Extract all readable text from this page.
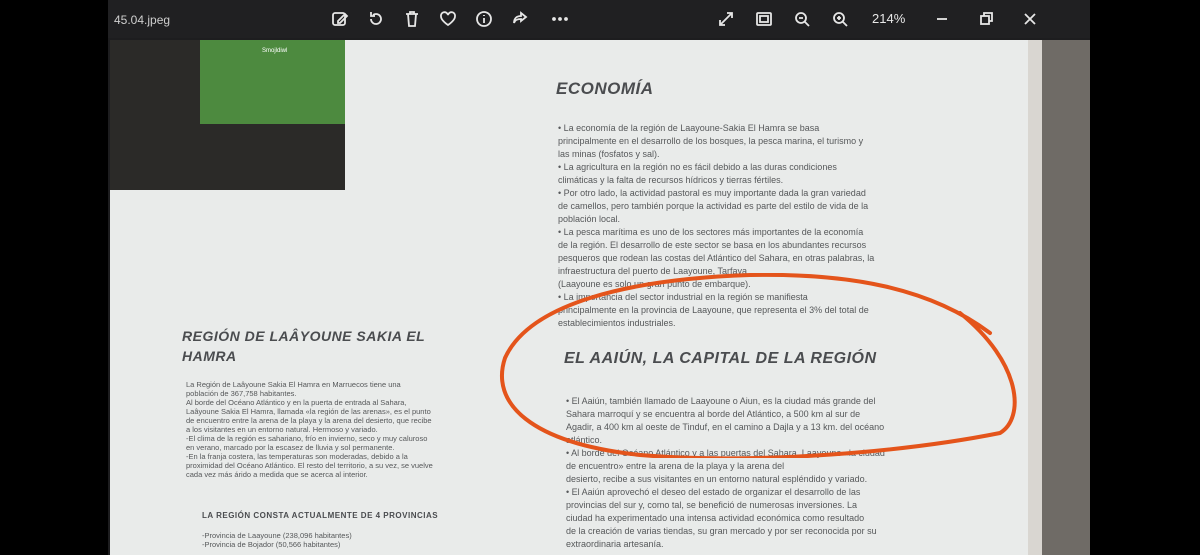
45.04.jpeg	214%
Smojldiwl
ECONOMÍA
• La economía de la región de Laayoune-Sakia El Hamra se basa
principalmente en el desarrollo de los bosques, la pesca marina, el turismo y
las minas (fosfatos y sal).
• La agricultura en la región no es fácil debido a las duras condiciones
climáticas y la falta de recursos hídricos y tierras fértiles.
• Por otro lado, la actividad pastoral es muy importante dada la gran variedad
de camellos, pero también porque la actividad es parte del estilo de vida de la
población local.
• La pesca marítima es uno de los sectores más importantes de la economía
de la región. El desarrollo de este sector se basa en los abundantes recursos
pesqueros que rodean las costas del Atlántico del Sahara, en otras palabras, la
infraestructura del puerto de Laayoune, Tarfaya
(Laayoune es solo un gran punto de embarque).
• La importancia del sector industrial en la región se manifiesta
principalmente en la provincia de Laayoune, que representa el 3% del total de
establecimientos industriales.
EL AAIÚN, LA CAPITAL DE LA REGIÓN
• El Aaiún, también llamado de Laayoune o Aiun, es la ciudad más grande del
Sahara marroquí y se encuentra al borde del Atlántico, a 500 km al sur de
Agadir, a 400 km al oeste de Tinduf, en el camino a Dajla y a 13 km. del océano
atlántico.
• Al borde del Océano Atlántico y a las puertas del Sahara, Laayoune «la ciudad
de encuentro» entre la arena de la playa y la arena del
desierto, recibe a sus visitantes en un entorno natural espléndido y variado.
• El Aaiún aprovechó el deseo del estado de organizar el desarrollo de las
provincias del sur y, como tal, se benefició de numerosas inversiones. La
ciudad ha experimentado una intensa actividad económica como resultado
de la creación de varias tiendas, su gran mercado y por ser reconocida por su
extraordinaria artesanía.
REGIÓN DE LAÂYOUNE SAKIA EL
HAMRA
La Región de Laâyoune Sakia El Hamra en Marruecos tiene una
población de 367,758 habitantes.
Al borde del Océano Atlántico y en la puerta de entrada al Sahara,
Laâyoune Sakia El Hamra, llamada «la región de las arenas», es el punto
de encuentro entre la arena de la playa y la arena del desierto, que recibe
a los visitantes en un entorno natural. Hermoso y variado.
-El clima de la región es sahariano, frío en invierno, seco y muy caluroso
en verano, marcado por la escasez de lluvia y sol permanente.
-En la franja costera, las temperaturas son moderadas, debido a la
proximidad del Océano Atlántico. El resto del territorio, a su vez, se vuelve
cada vez más árido a medida que se acerca al interior.
LA REGIÓN CONSTA ACTUALMENTE DE 4 PROVINCIAS
-Provincia de Laayoune (238,096 habitantes)
-Provincia de Bojador (50,566 habitantes)
